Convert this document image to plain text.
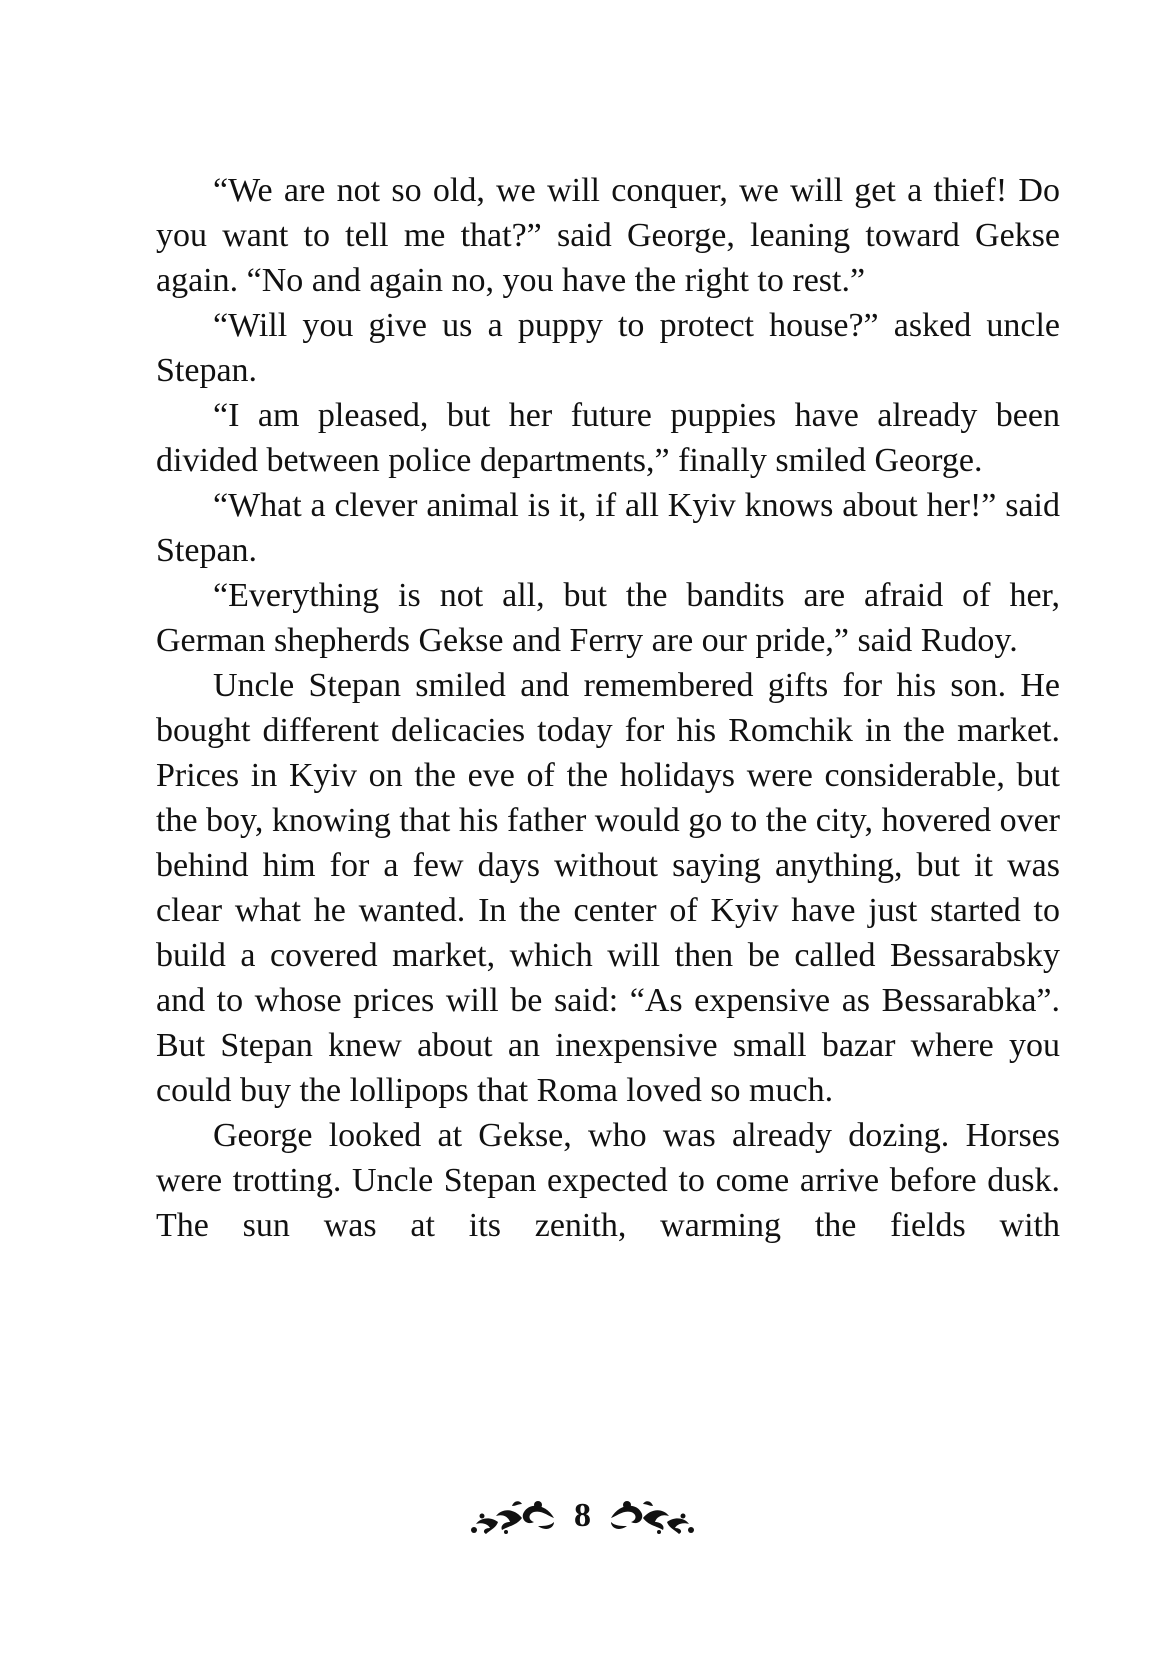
“We are not so old, we will conquer, we will get a thief! Do you want to tell me that?” said George, leaning toward Gekse again. “No and again no, you have the right to rest.”

“Will you give us a puppy to protect house?” asked uncle Stepan.

“I am pleased, but her future puppies have already been divided between police departments,” finally smiled George.

“What a clever animal is it, if all Kyiv knows about her!” said Stepan.

“Everything is not all, but the bandits are afraid of her, German shepherds Gekse and Ferry are our pride,” said Rudoy.

Uncle Stepan smiled and remembered gifts for his son. He bought different delicacies today for his Romchik in the market. Prices in Kyiv on the eve of the holidays were considerable, but the boy, knowing that his father would go to the city, hovered over behind him for a few days without saying anything, but it was clear what he wanted. In the center of Kyiv have just started to build a covered market, which will then be called Bessarabsky and to whose prices will be said: “As expensive as Bessarabka”. But Stepan knew about an inexpensive small bazar where you could buy the lollipops that Roma loved so much.

George looked at Gekse, who was already dozing. Horses were trotting. Uncle Stepan expected to come arrive before dusk. The sun was at its zenith, warming the fields with

8
